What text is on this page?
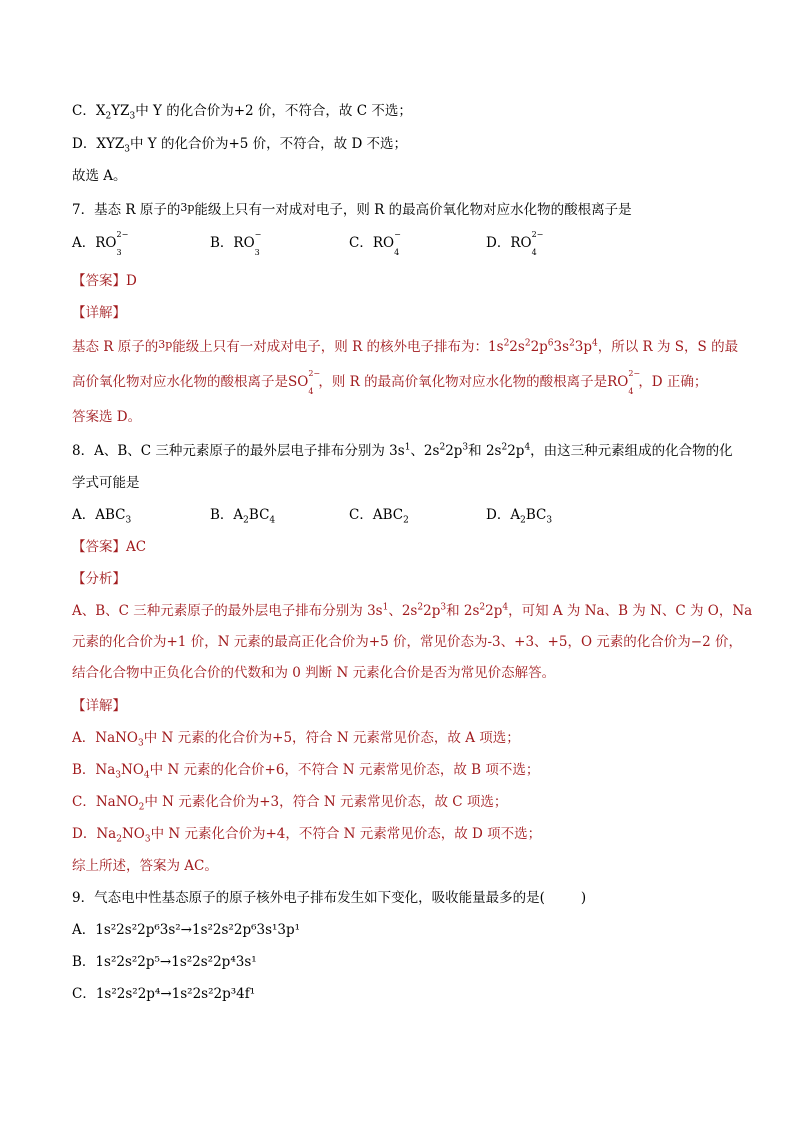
C．$X_2YZ_3$中 Y 的化合价为+2 价，不符合，故 C 不选；
D．$XYZ_3$中 Y 的化合价为+5 价，不符合，故 D 不选；
故选 A。
7．基态 R 原子的$^{3p}$能级上只有一对成对电子，则 R 的最高价氧化物对应水化物的酸根离子是
A．RO
2−
3
B．RO
−
3
C．RO
−
4
D．RO
2−
4
【答案】D
【详解】
基态 R 原子的$^{3p}$能级上只有一对成对电子，则 R 的核外电子排布为：$1s^22s^22p^63s^23p^4$，所以 R 为 S，S 的最
高价氧化物对应水化物的酸根离子是SO
2−
4
，则 R 的最高价氧化物对应水化物的酸根离子是RO
2−
4
，D 正确；
答案选 D。
8．A、B、C 三种元素原子的最外层电子排布分别为 $3s^1$、$2s^22p^3$和 $2s^22p^4$，由这三种元素组成的化合物的化
学式可能是
A．$ABC_3$	B．$A_2BC_4$	C．$ABC_2$	D．$A_2BC_3$
【答案】AC
【分析】
A、B、C 三种元素原子的最外层电子排布分别为 $3s^1$、$2s^22p^3$和 $2s^22p^4$，可知 A 为 Na、B 为 N、C 为 O，Na
元素的化合价为+1 价，N 元素的最高正化合价为+5 价，常见价态为-3、+3、+5，O 元素的化合价为−2 价，
结合化合物中正负化合价的代数和为 0 判断 N 元素化合价是否为常见价态解答。
【详解】
A．NaNO$_3$中 N 元素的化合价为+5，符合 N 元素常见价态，故 A 项选；
B．$Na_3NO_4$中 N 元素的化合价+6，不符合 N 元素常见价态，故 B 项不选；
C．NaNO$_2$中 N 元素化合价为+3，符合 N 元素常见价态，故 C 项选；
D．$Na_2NO_3$中 N 元素化合价为+4，不符合 N 元素常见价态，故 D 项不选；
综上所述，答案为 AC。
9．气态电中性基态原子的原子核外电子排布发生如下变化，吸收能量最多的是(	)
A．1s²2s²2p⁶3s²→1s²2s²2p⁶3s¹3p¹
B．1s²2s²2p⁵→1s²2s²2p⁴3s¹
C．1s²2s²2p⁴→1s²2s²2p³4f¹
